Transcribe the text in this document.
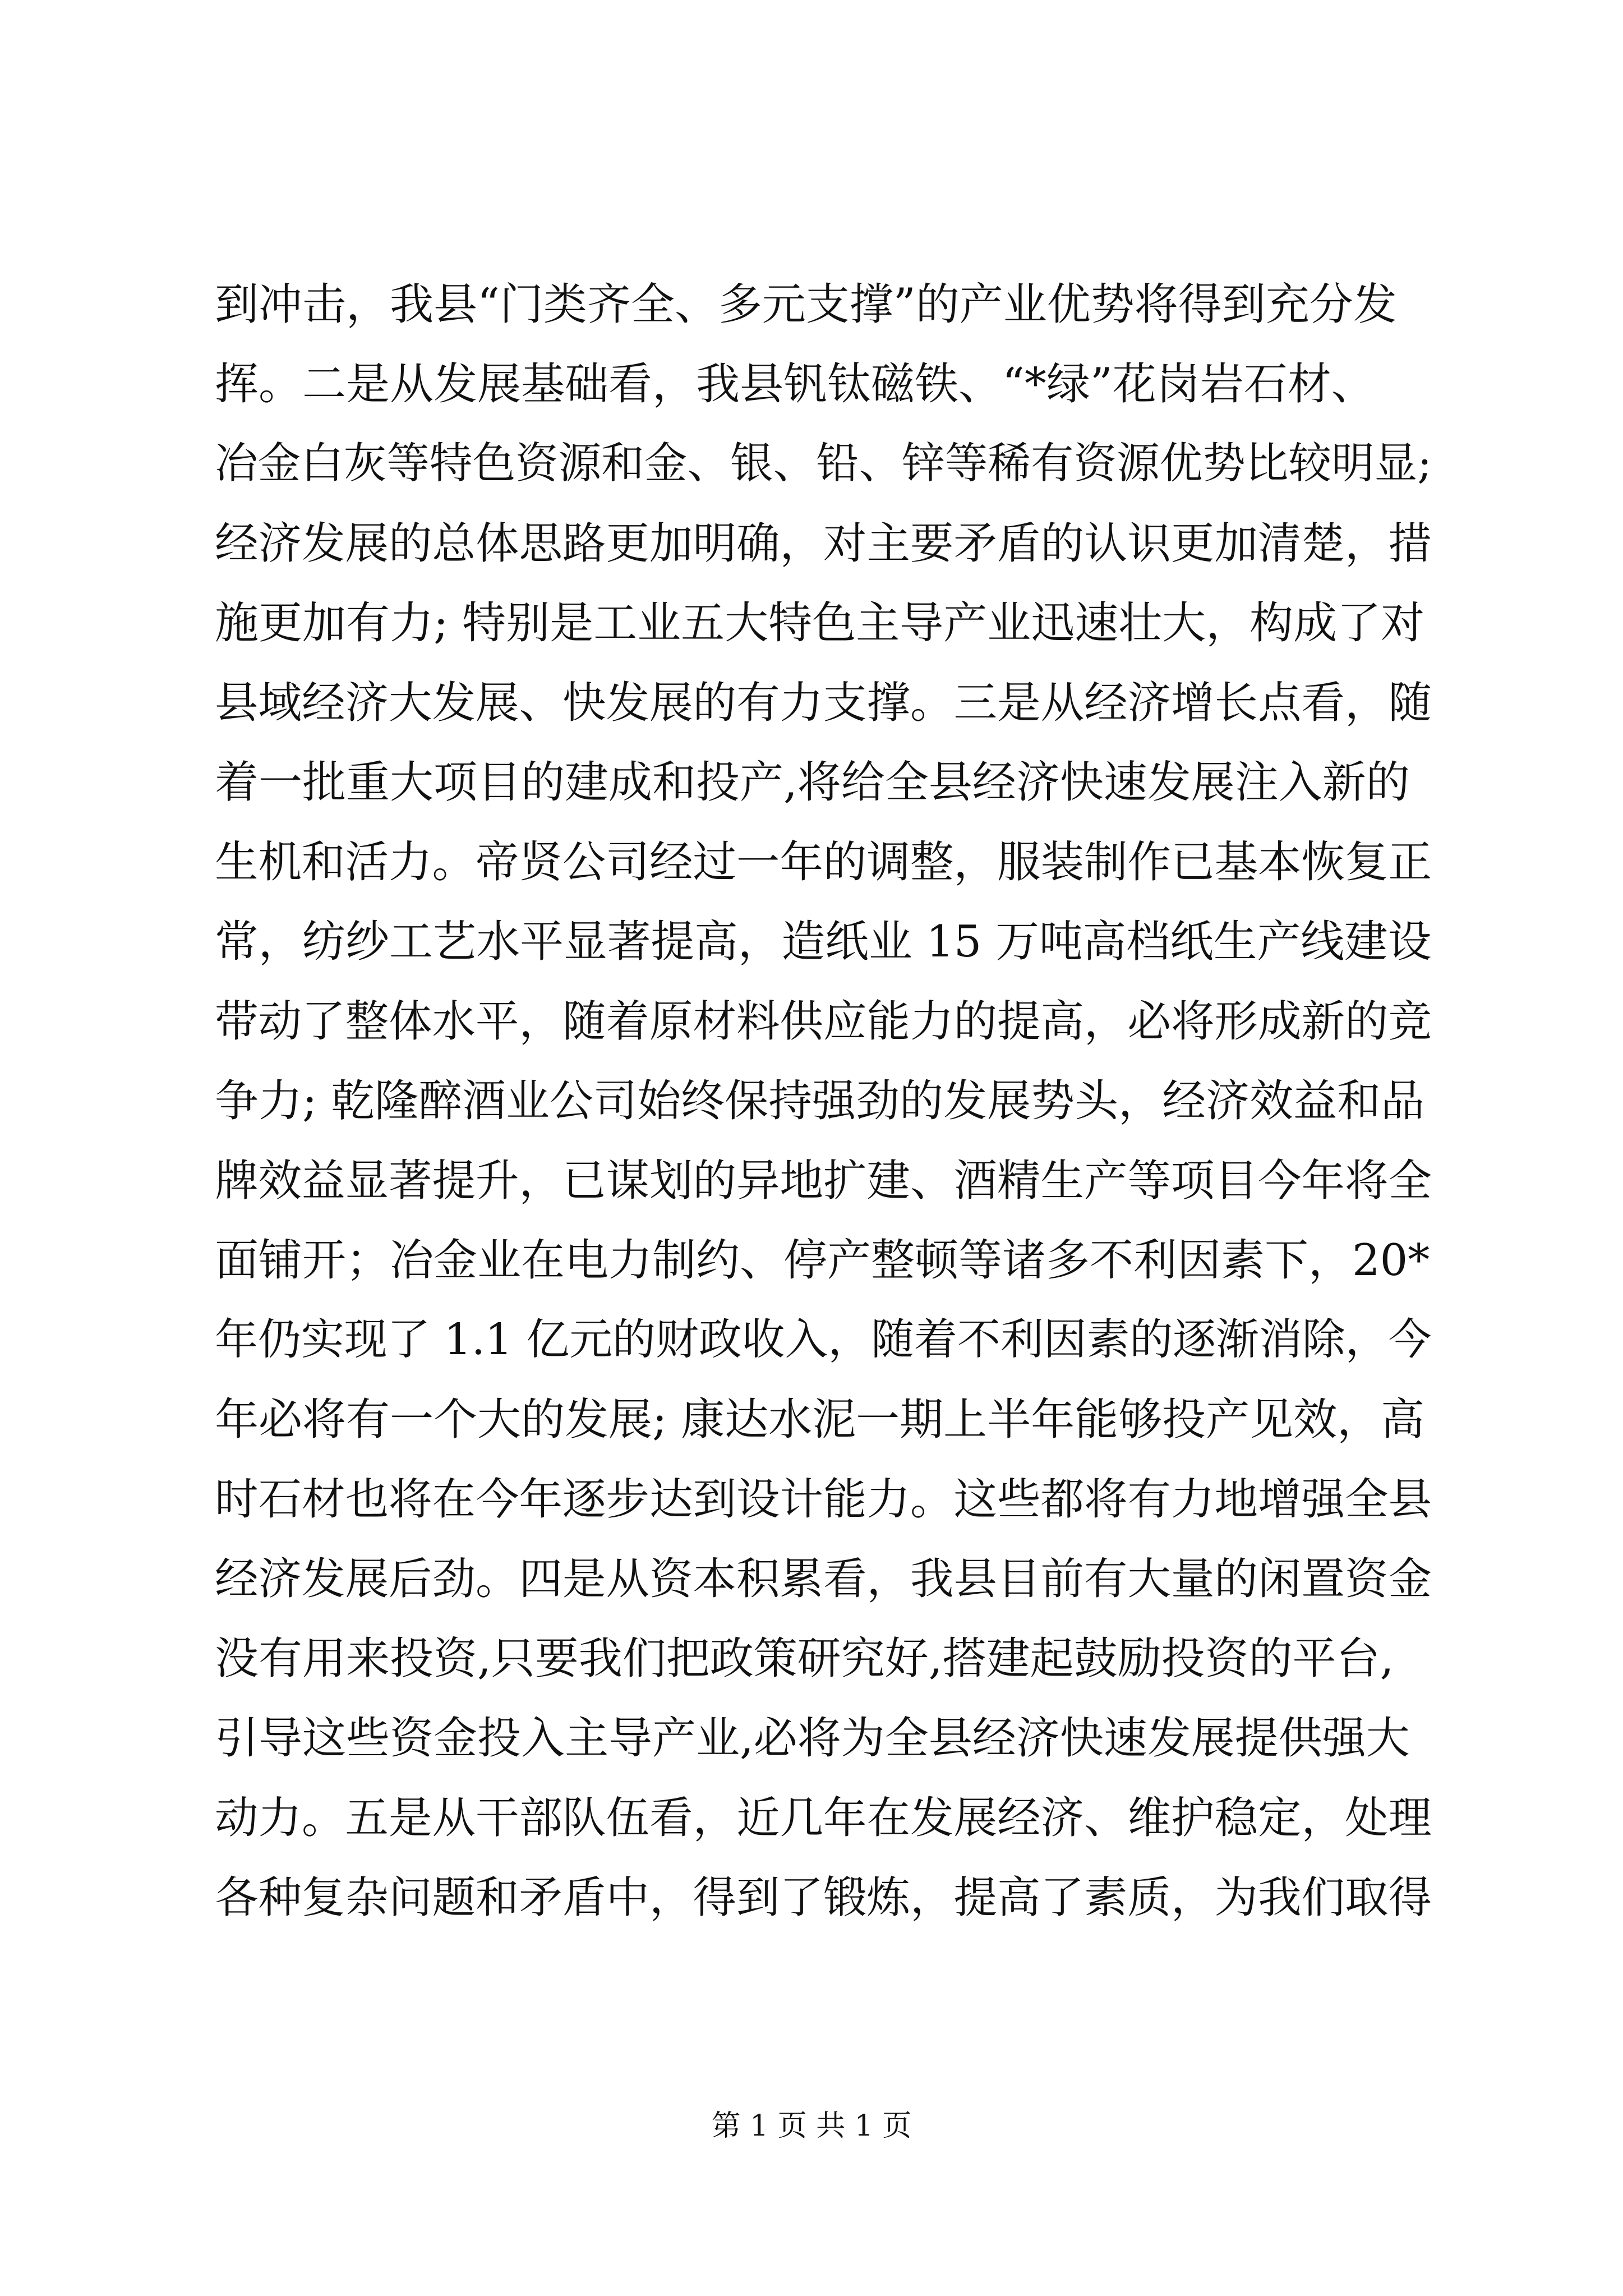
到冲击，我县“门类齐全、多元支撑”的产业优势将得到充分发
挥。二是从发展基础看，我县钒钛磁铁、“*绿”花岗岩石材、
冶金白灰等特色资源和金、银、铅、锌等稀有资源优势比较明显;
经济发展的总体思路更加明确，对主要矛盾的认识更加清楚，措
施更加有力; 特别是工业五大特色主导产业迅速壮大，构成了对
县域经济大发展、快发展的有力支撑。三是从经济增长点看，随
着一批重大项目的建成和投产,将给全县经济快速发展注入新的
生机和活力。帝贤公司经过一年的调整，服装制作已基本恢复正
常，纺纱工艺水平显著提高，造纸业 15 万吨高档纸生产线建设
带动了整体水平，随着原材料供应能力的提高，必将形成新的竞
争力; 乾隆醉酒业公司始终保持强劲的发展势头，经济效益和品
牌效益显著提升，已谋划的异地扩建、酒精生产等项目今年将全
面铺开；冶金业在电力制约、停产整顿等诸多不利因素下，20*
年仍实现了 1.1 亿元的财政收入，随着不利因素的逐渐消除，今
年必将有一个大的发展; 康达水泥一期上半年能够投产见效，高
时石材也将在今年逐步达到设计能力。这些都将有力地增强全县
经济发展后劲。四是从资本积累看，我县目前有大量的闲置资金
没有用来投资,只要我们把政策研究好,搭建起鼓励投资的平台,
引导这些资金投入主导产业,必将为全县经济快速发展提供强大
动力。五是从干部队伍看，近几年在发展经济、维护稳定，处理
各种复杂问题和矛盾中，得到了锻炼，提高了素质，为我们取得
第 1 页 共 1 页
